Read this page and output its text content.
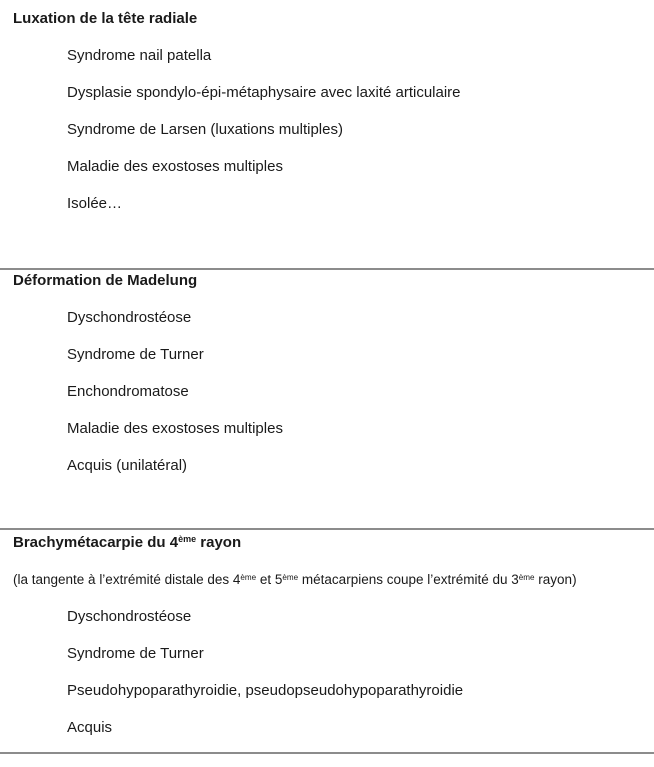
Luxation de la tête radiale

Syndrome nail patella

Dysplasie spondylo-épi-métaphysaire avec laxité articulaire

Syndrome de Larsen (luxations multiples)

Maladie des exostoses multiples

Isolée…

Déformation de Madelung

Dyschondrostéose

Syndrome de Turner

Enchondromatose

Maladie des exostoses multiples

Acquis (unilatéral)

Brachymétacarpie du 4ème rayon

(la tangente à l’extrémité distale des 4ème et 5ème métacarpiens coupe l’extrémité du 3ème rayon)

Dyschondrostéose

Syndrome de Turner

Pseudohypoparathyroidie, pseudopseudohypoparathyroidie

Acquis
